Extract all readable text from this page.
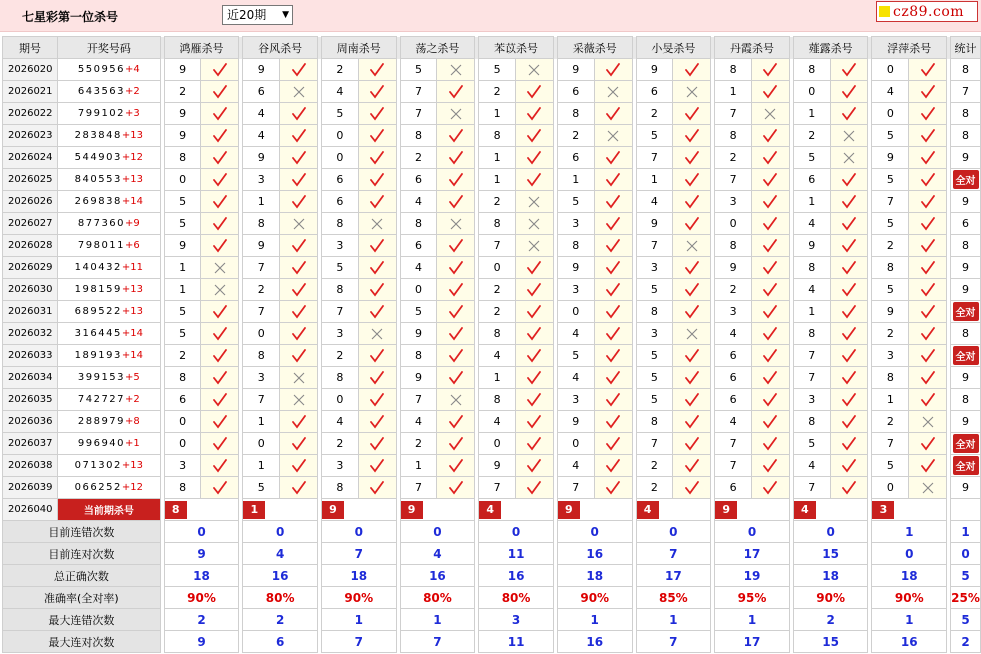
七星彩第一位杀号	近20期 ▼	cz89.com
期号	开奖号码		鸿雁杀号			谷风杀号			周南杀号			荡之杀号			苯苡杀号			采薇杀号			小旻杀号			丹霞杀号			薤露杀号			浮萍杀号			统计
2026020	550956+4		9			9			2			5			5			9			9			8			8			0			8
2026021	643563+2		2			6			4			7			2			6			6			1			0			4			7
2026022	799102+3		9			4			5			7			1			8			2			7			1			0			8
2026023	283848+13		9			4			0			8			8			2			5			8			2			5			8
2026024	544903+12		8			9			0			2			1			6			7			2			5			9			9
2026025	840553+13		0			3			6			6			1			1			1			7			6			5			全对
2026026	269838+14		5			1			6			4			2			5			4			3			1			7			9
2026027	877360+9		5			8			8			8			8			3			9			0			4			5			6
2026028	798011+6		9			9			3			6			7			8			7			8			9			2			8
2026029	140432+11		1			7			5			4			0			9			3			9			8			8			9
2026030	198159+13		1			2			8			0			2			3			5			2			4			5			9
2026031	689522+13		5			7			7			5			2			0			8			3			1			9			全对
2026032	316445+14		5			0			3			9			8			4			3			4			8			2			8
2026033	189193+14		2			8			2			8			4			5			5			6			7			3			全对
2026034	399153+5		8			3			8			9			1			4			5			6			7			8			9
2026035	742727+2		6			7			0			7			8			3			5			6			3			1			8
2026036	288979+8		0			1			4			4			4			9			8			4			8			2			9
2026037	996940+1		0			0			2			2			0			0			7			7			5			7			全对
2026038	071302+13		3			1			3			1			9			4			2			7			4			5			全对
2026039	066252+12		8			5			8			7			7			7			2			6			7			0			9
2026040	当前期杀号		8			1			9			9			4			9			4			9			4			3			
目前连错次数			0			0			0			0			0			0			0			0			0			1			1
目前连对次数			9			4			7			4			11			16			7			17			15			0			0
总正确次数			18			16			18			16			16			18			17			19			18			18			5
准确率(全对率)			90%			80%			90%			80%			80%			90%			85%			95%			90%			90%			25%
最大连错次数			2			2			1			1			3			1			1			1			2			1			5
最大连对次数			9			6			7			7			11			16			7			17			15			16			2
